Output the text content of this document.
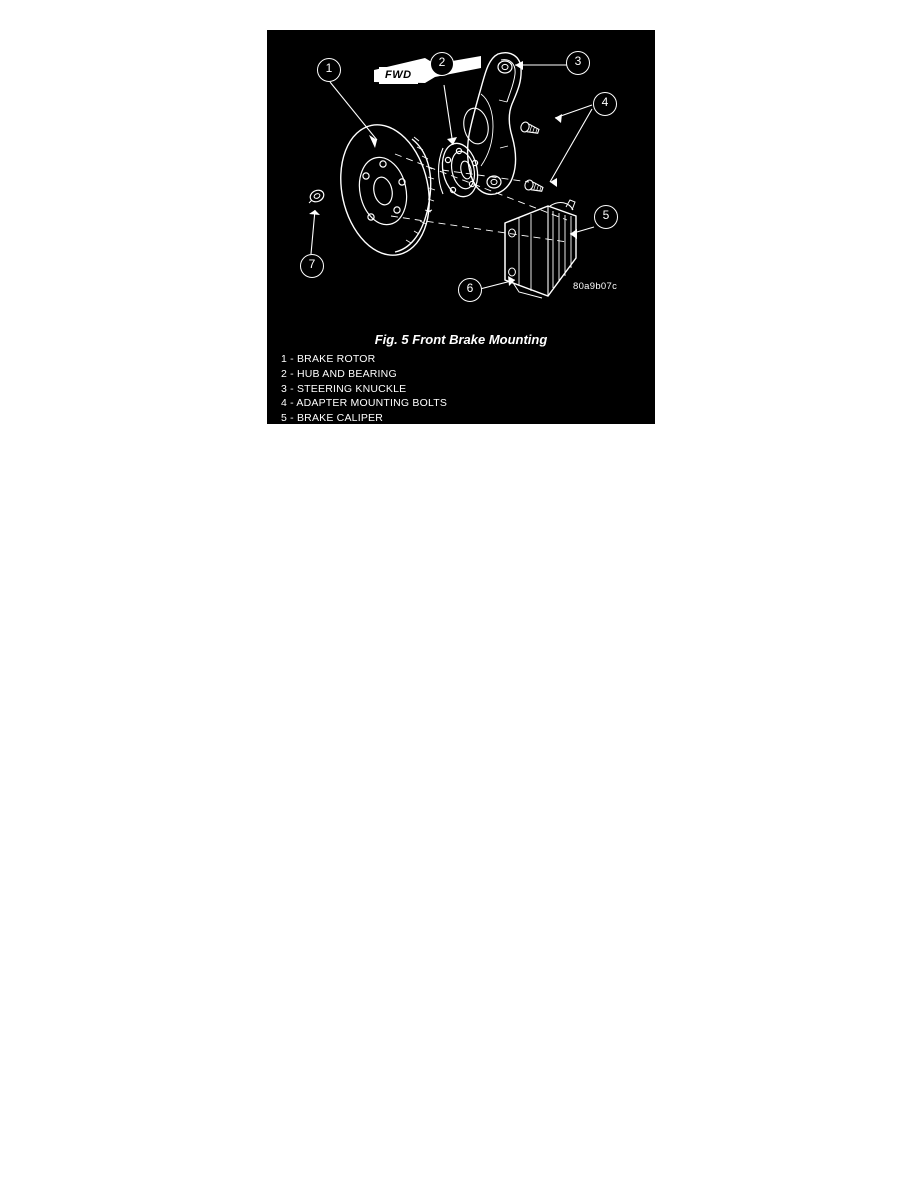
FWD
1	2	3
4
5
6
7
80a9b07c
Fig. 5 Front Brake Mounting
1 - BRAKE ROTOR
2 - HUB AND BEARING
3 - STEERING KNUCKLE
4 - ADAPTER MOUNTING BOLTS
5 - BRAKE CALIPER
6 - ADAPTER
7 - CLIP
